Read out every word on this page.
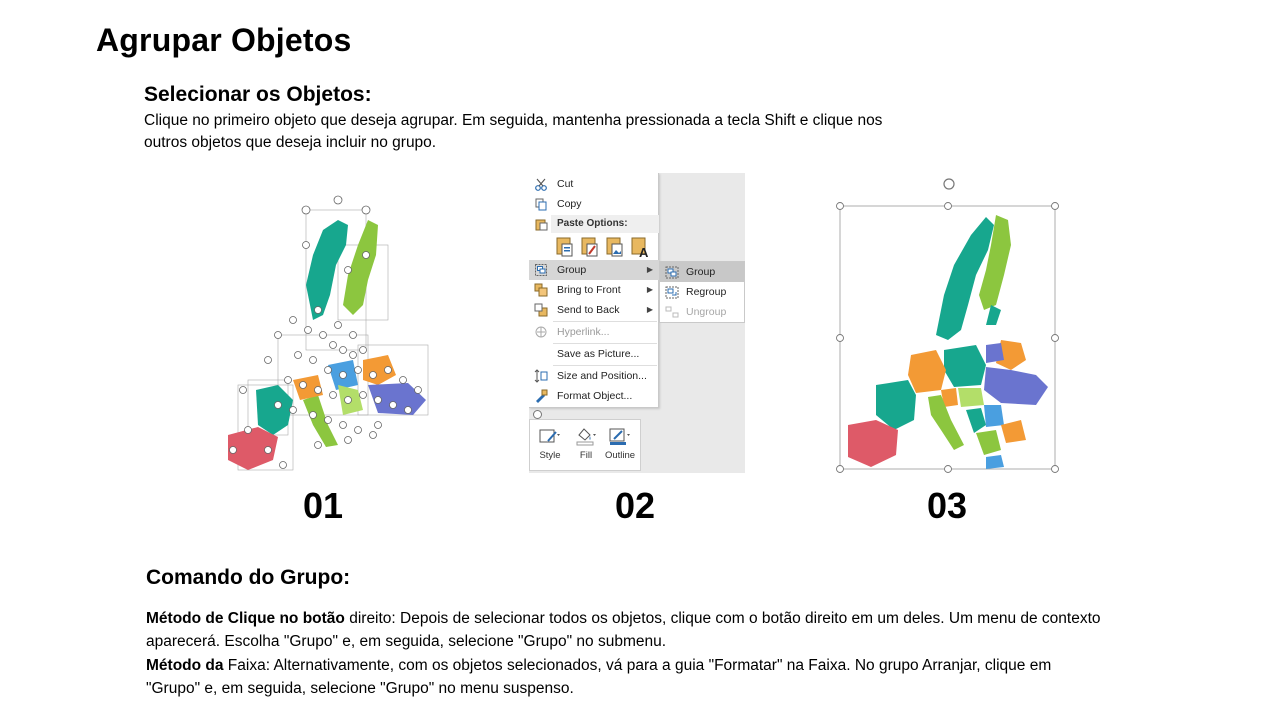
Agrupar Objetos
Selecionar os Objetos:
Clique no primeiro objeto que deseja agrupar. Em seguida, mantenha pressionada a tecla Shift e clique nos outros objetos que deseja incluir no grupo.
01
Cut
Copy
Paste Options:
A
Group	▶
Bring to Front	▶
Send to Back	▶
Hyperlink...
Save as Picture...
Size and Position...
Format Object...
Group
Regroup
Ungroup
Style	Fill	Outline
02	03
Comando do Grupo:
Método de Clique no botão direito: Depois de selecionar todos os objetos, clique com o botão direito em um deles. Um menu de contexto aparecerá. Escolha "Grupo" e, em seguida, selecione "Grupo" no submenu.
Método da Faixa: Alternativamente, com os objetos selecionados, vá para a guia "Formatar" na Faixa. No grupo Arranjar, clique em "Grupo" e, em seguida, selecione "Grupo" no menu suspenso.
